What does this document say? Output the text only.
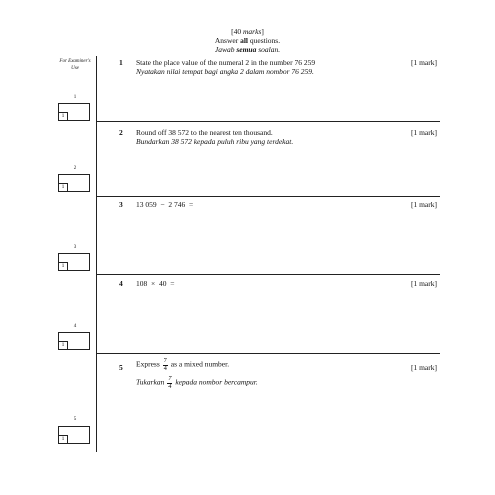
[40 marks]
Answer all questions.
Jawab semua soalan.
For Examiner's Use
1 State the place value of the numeral 2 in the number 76 259
Nyatakan nilai tempat bagi angka 2 dalam nombor 76 259.
[1 mark]
1
1
2 Round off 38 572 to the nearest ten thousand.
Bundarkan 38 572 kepada puluh ribu yang terdekat.
[1 mark]
2
1
3 13 059  −  2 746  =	[1 mark]
3
1
4 108  ×  40  =	[1 mark]
4
1
5 Express $\frac{7}{4}$ as a mixed number.
Tukarkan $\frac{7}{4}$ kepada nombor bercampur.
[1 mark]
5
1
